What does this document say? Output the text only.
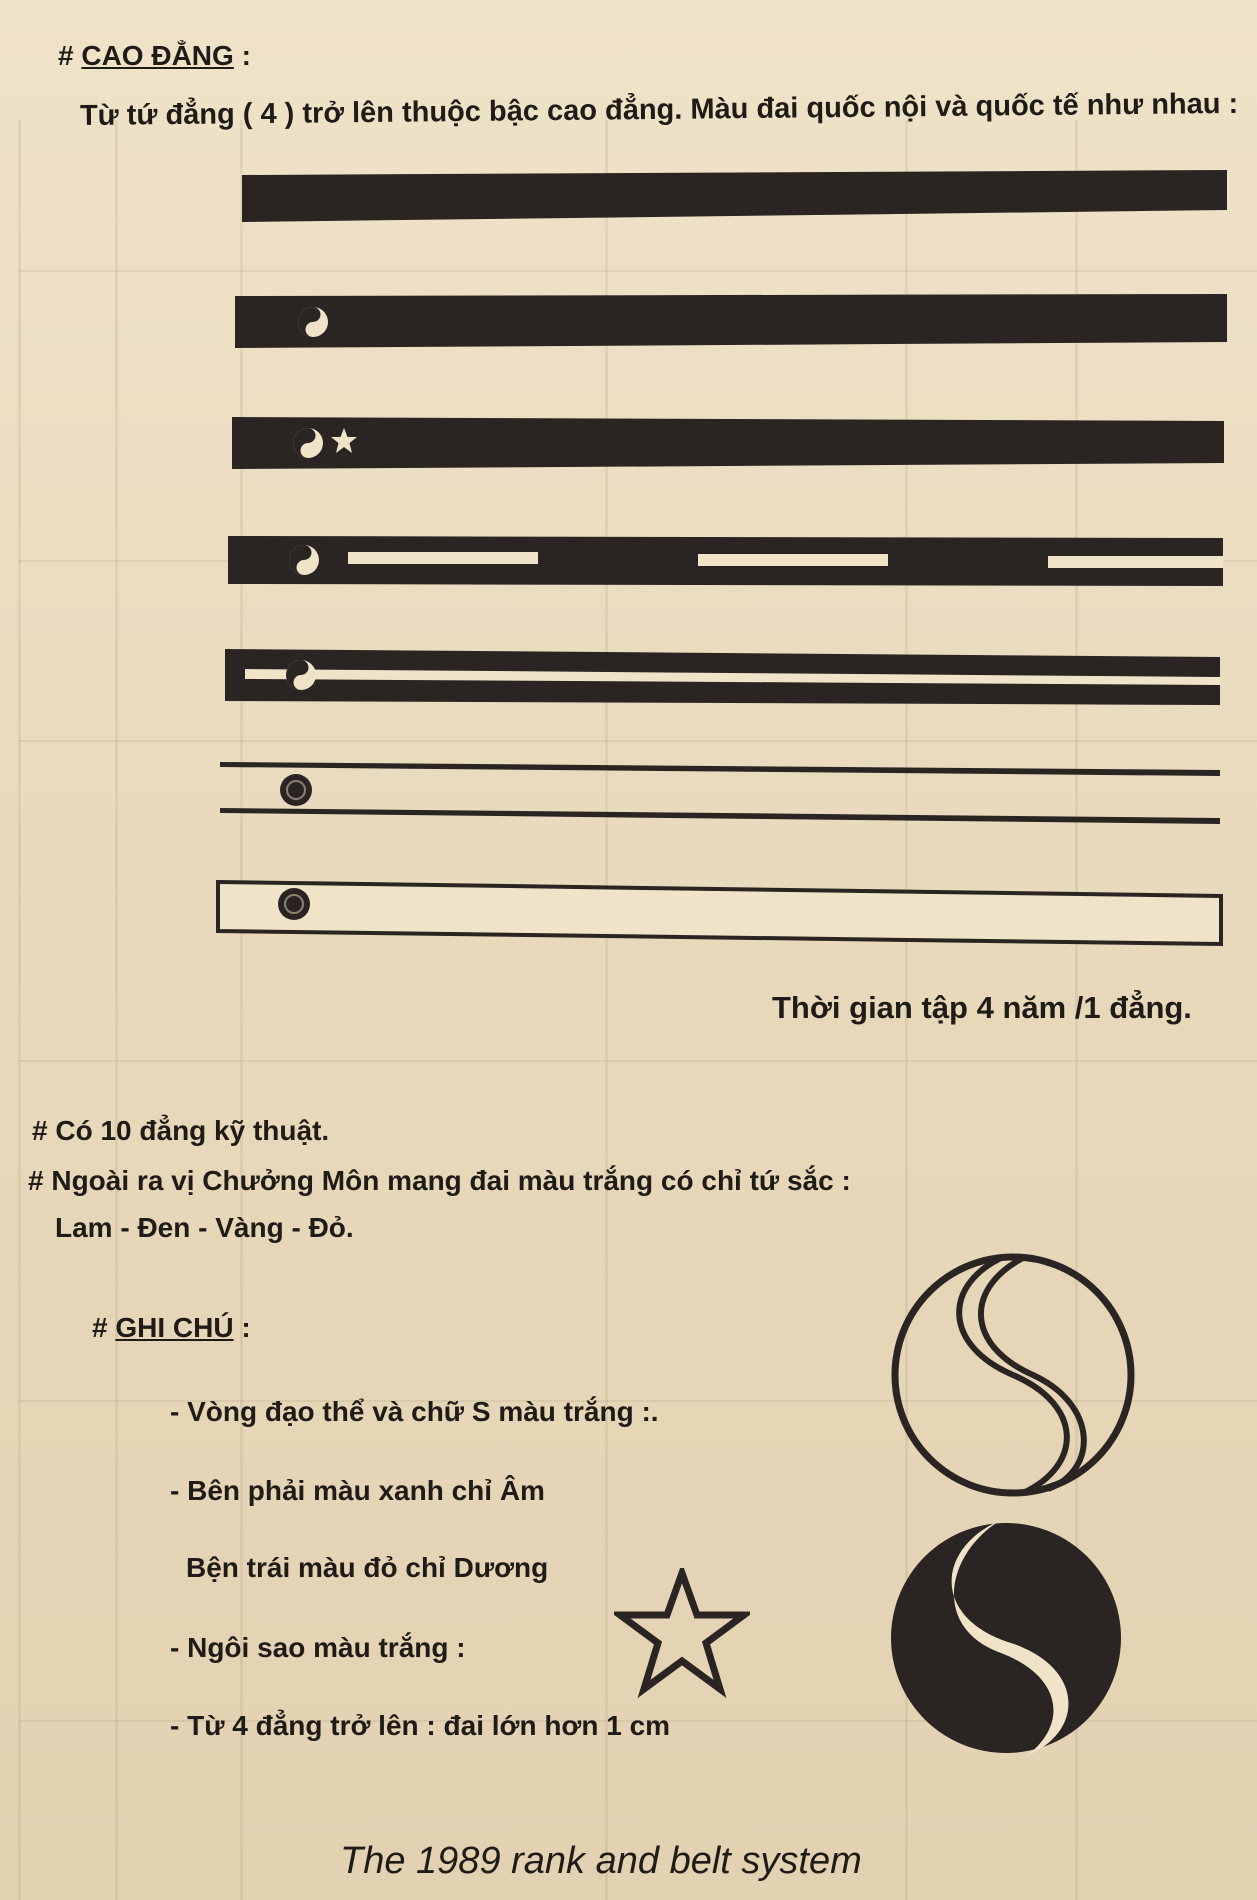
# CAO ĐẲNG :
Từ tứ đẳng ( 4 ) trở lên thuộc bậc cao đẳng. Màu đai quốc nội và quốc tế như nhau :
Thời gian tập 4 năm /1 đẳng.
# Có 10 đẳng kỹ thuật.
# Ngoài ra vị Chưởng Môn mang đai màu trắng có chỉ tứ sắc :
Lam - Đen - Vàng - Đỏ.
# GHI CHÚ :
- Vòng đạo thể và chữ S màu trắng :.
- Bên phải màu xanh chỉ Âm
Bện trái màu đỏ chỉ Dương
- Ngôi sao màu trắng :
- Từ 4 đẳng trở lên : đai lớn hơn 1 cm
The 1989 rank and belt system
